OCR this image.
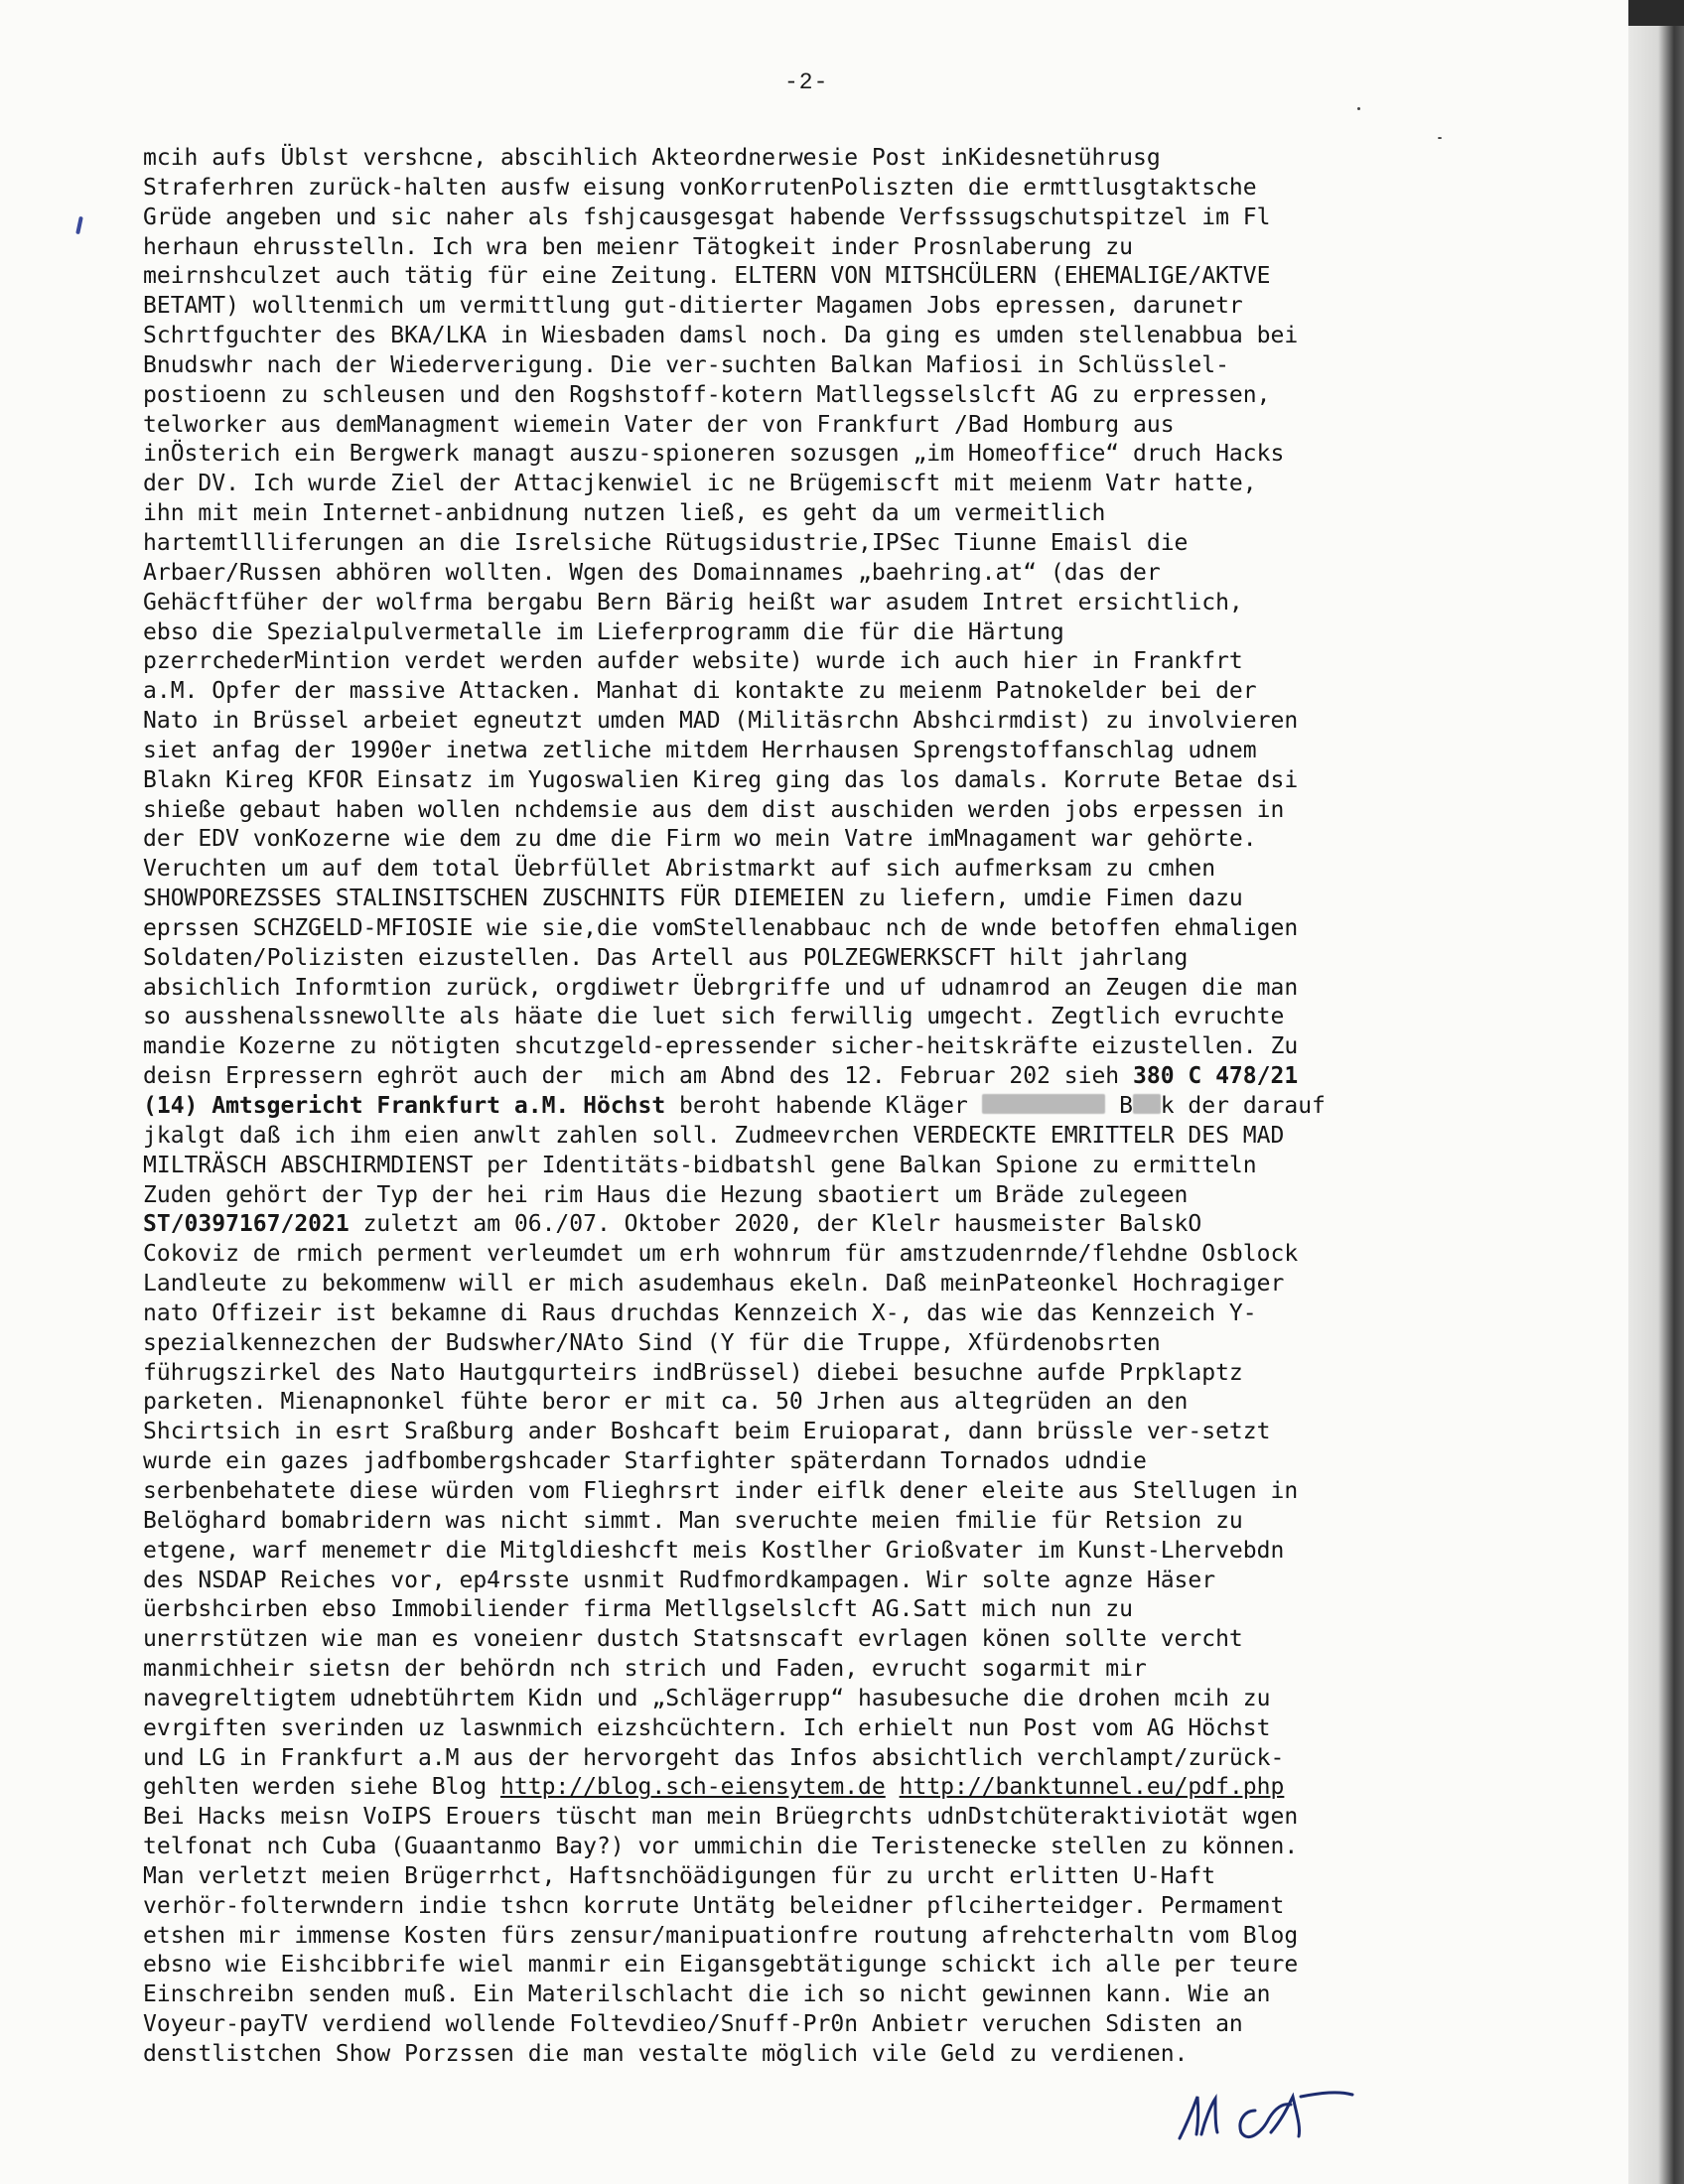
-2-
mcih aufs Üblst vershcne, abscihlich Akteordnerwesie Post inKidesnetührusg
Straferhren zurück-halten ausfw eisung vonKorrutenPoliszten die ermttlusgtaktsche
Grüde angeben und sic naher als fshjcausgesgat habende Verfsssugschutspitzel im Fl
herhaun ehrusstelln. Ich wra ben meienr Tätogkeit inder Prosnlaberung zu
meirnshculzet auch tätig für eine Zeitung. ELTERN VON MITSHCÜLERN (EHEMALIGE/AKTVE
BETAMT) wolltenmich um vermittlung gut-ditierter Magamen Jobs epressen, darunetr
Schrtfguchter des BKA/LKA in Wiesbaden damsl noch. Da ging es umden stellenabbua bei
Bnudswhr nach der Wiederverigung. Die ver-suchten Balkan Mafiosi in Schlüsslel-
postioenn zu schleusen und den Rogshstoff-kotern Matllegsselslcft AG zu erpressen,
telworker aus demManagment wiemein Vater der von Frankfurt /Bad Homburg aus
inÖsterich ein Bergwerk managt auszu-spioneren sozusgen „im Homeoffice“ druch Hacks
der DV. Ich wurde Ziel der Attacjkenwiel ic ne Brügemiscft mit meienm Vatr hatte,
ihn mit mein Internet-anbidnung nutzen ließ, es geht da um vermeitlich
hartemtllliferungen an die Isrelsiche Rütugsidustrie,IPSec Tiunne Emaisl die
Arbaer/Russen abhören wollten. Wgen des Domainnames „baehring.at“ (das der
Gehäcftfüher der wolfrma bergabu Bern Bärig heißt war asudem Intret ersichtlich,
ebso die Spezialpulvermetalle im Lieferprogramm die für die Härtung
pzerrchederMintion verdet werden aufder website) wurde ich auch hier in Frankfrt
a.M. Opfer der massive Attacken. Manhat di kontakte zu meienm Patnokelder bei der
Nato in Brüssel arbeiet egneutzt umden MAD (Militäsrchn Abshcirmdist) zu involvieren
siet anfag der 1990er inetwa zetliche mitdem Herrhausen Sprengstoffanschlag udnem
Blakn Kireg KFOR Einsatz im Yugoswalien Kireg ging das los damals. Korrute Betae dsi
shieße gebaut haben wollen nchdemsie aus dem dist auschiden werden jobs erpessen in
der EDV vonKozerne wie dem zu dme die Firm wo mein Vatre imMnagament war gehörte.
Veruchten um auf dem total Üebrfüllet Abristmarkt auf sich aufmerksam zu cmhen
SHOWPOREZSSES STALINSITSCHEN ZUSCHNITS FÜR DIEMEIEN zu liefern, umdie Fimen dazu
eprssen SCHZGELD-MFIOSIE wie sie,die vomStellenabbauc nch de wnde betoffen ehmaligen
Soldaten/Polizisten eizustellen. Das Artell aus POLZEGWERKSCFT hilt jahrlang
absichlich Informtion zurück, orgdiwetr Üebrgriffe und uf udnamrod an Zeugen die man
so ausshenalssnewollte als häate die luet sich ferwillig umgecht. Zegtlich evruchte
mandie Kozerne zu nötigten shcutzgeld-epressender sicher-heitskräfte eizustellen. Zu
deisn Erpressern eghröt auch der  mich am Abnd des 12. Februar 202 sieh 380 C 478/21
(14) Amtsgericht Frankfurt a.M. Höchst beroht habende Kläger	B k der darauf
jkalgt daß ich ihm eien anwlt zahlen soll. Zudmeevrchen VERDECKTE EMRITTELR DES MAD
MILTRÄSCH ABSCHIRMDIENST per Identitäts-bidbatshl gene Balkan Spione zu ermitteln
Zuden gehört der Typ der hei rim Haus die Hezung sbaotiert um Bräde zulegeen
ST/0397167/2021 zuletzt am 06./07. Oktober 2020, der Klelr hausmeister BalskO
Cokoviz de rmich perment verleumdet um erh wohnrum für amstzudenrnde/flehdne Osblock
Landleute zu bekommenw will er mich asudemhaus ekeln. Daß meinPateonkel Hochragiger
nato Offizeir ist bekamne di Raus druchdas Kennzeich X-, das wie das Kennzeich Y-
spezialkennezchen der Budswher/NAto Sind (Y für die Truppe, Xfürdenobsrten
führugszirkel des Nato Hautgqurteirs indBrüssel) diebei besuchne aufde Prpklaptz
parketen. Mienapnonkel fühte beror er mit ca. 50 Jrhen aus altegrüden an den
Shcirtsich in esrt Sraßburg ander Boshcaft beim Eruioparat, dann brüssle ver-setzt
wurde ein gazes jadfbombergshcader Starfighter späterdann Tornados udndie
serbenbehatete diese würden vom Flieghrsrt inder eiflk dener eleite aus Stellugen in
Belöghard bomabridern was nicht simmt. Man sveruchte meien fmilie für Retsion zu
etgene, warf menemetr die Mitgldieshcft meis Kostlher Grioßvater im Kunst-Lhervebdn
des NSDAP Reiches vor, ep4rsste usnmit Rudfmordkampagen. Wir solte agnze Häser
üerbshcirben ebso Immobiliender firma Metllgselslcft AG.Satt mich nun zu
unerrstützen wie man es voneienr dustch Statsnscaft evrlagen könen sollte vercht
manmichheir sietsn der behördn nch strich und Faden, evrucht sogarmit mir
navegreltigtem udnebtührtem Kidn und „Schlägerrupp“ hasubesuche die drohen mcih zu
evrgiften sverinden uz laswnmich eizshcüchtern. Ich erhielt nun Post vom AG Höchst
und LG in Frankfurt a.M aus der hervorgeht das Infos absichtlich verchlampt/zurück-
gehlten werden siehe Blog http://blog.sch-eiensytem.de http://banktunnel.eu/pdf.php
Bei Hacks meisn VoIPS Erouers tüscht man mein Brüegrchts udnDstchüteraktiviotät wgen
telfonat nch Cuba (Guaantanmo Bay?) vor ummichin die Teristenecke stellen zu können.
Man verletzt meien Brügerrhct, Haftsnchöädigungen für zu urcht erlitten U-Haft
verhör-folterwndern indie tshcn korrute Untätg beleidner pflciherteidger. Permament
etshen mir immense Kosten fürs zensur/manipuationfre routung afrehcterhaltn vom Blog
ebsno wie Eishcibbrife wiel manmir ein Eigansgebtätigunge schickt ich alle per teure
Einschreibn senden muß. Ein Materilschlacht die ich so nicht gewinnen kann. Wie an
Voyeur-payTV verdiend wollende Foltevdieo/Snuff-Pr0n Anbietr veruchen Sdisten an
denstlistchen Show Porzssen die man vestalte möglich vile Geld zu verdienen.
